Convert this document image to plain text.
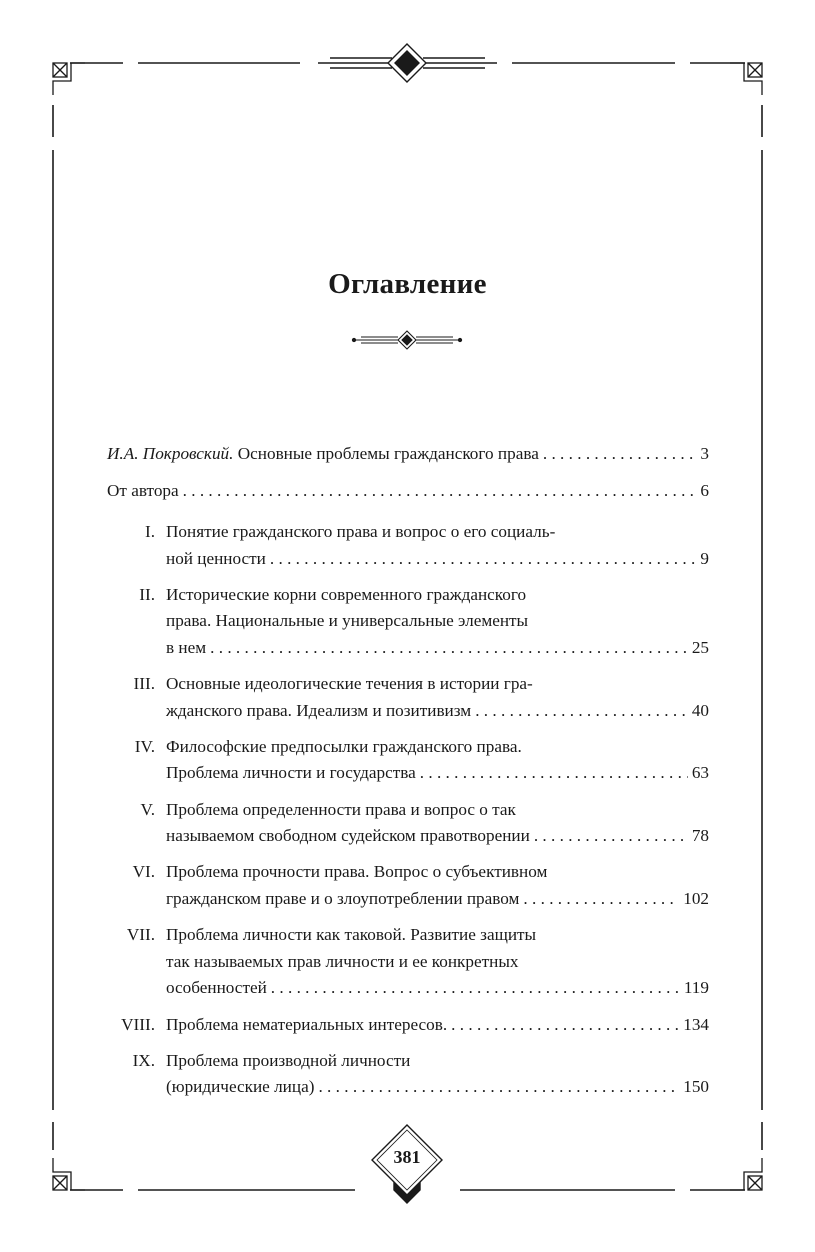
Оглавление
И.А. Покровский. Основные проблемы гражданского права . . .	3
От автора . . .	6
I. Понятие гражданского права и вопрос о его социаль-
ной ценности . . .	9
II. Исторические корни современного гражданского
права. Национальные и универсальные элементы
в нем . . .	25
III. Основные идеологические течения в истории гра-
жданского права. Идеализм и позитивизм . . .	40
IV. Философские предпосылки гражданского права.
Проблема личности и государства . . .	63
V. Проблема определенности права и вопрос о так
называемом свободном судейском правотворении . . .	78
VI. Проблема прочности права. Вопрос о субъективном
гражданском праве и о злоупотреблении правом . . .	102
VII. Проблема личности как таковой. Развитие защиты
так называемых прав личности и ее конкретных
особенностей . . .	119
VIII. Проблема нематериальных интересов. . . .	134
IX. Проблема производной личности
(юридические лица) . . .	150
381
